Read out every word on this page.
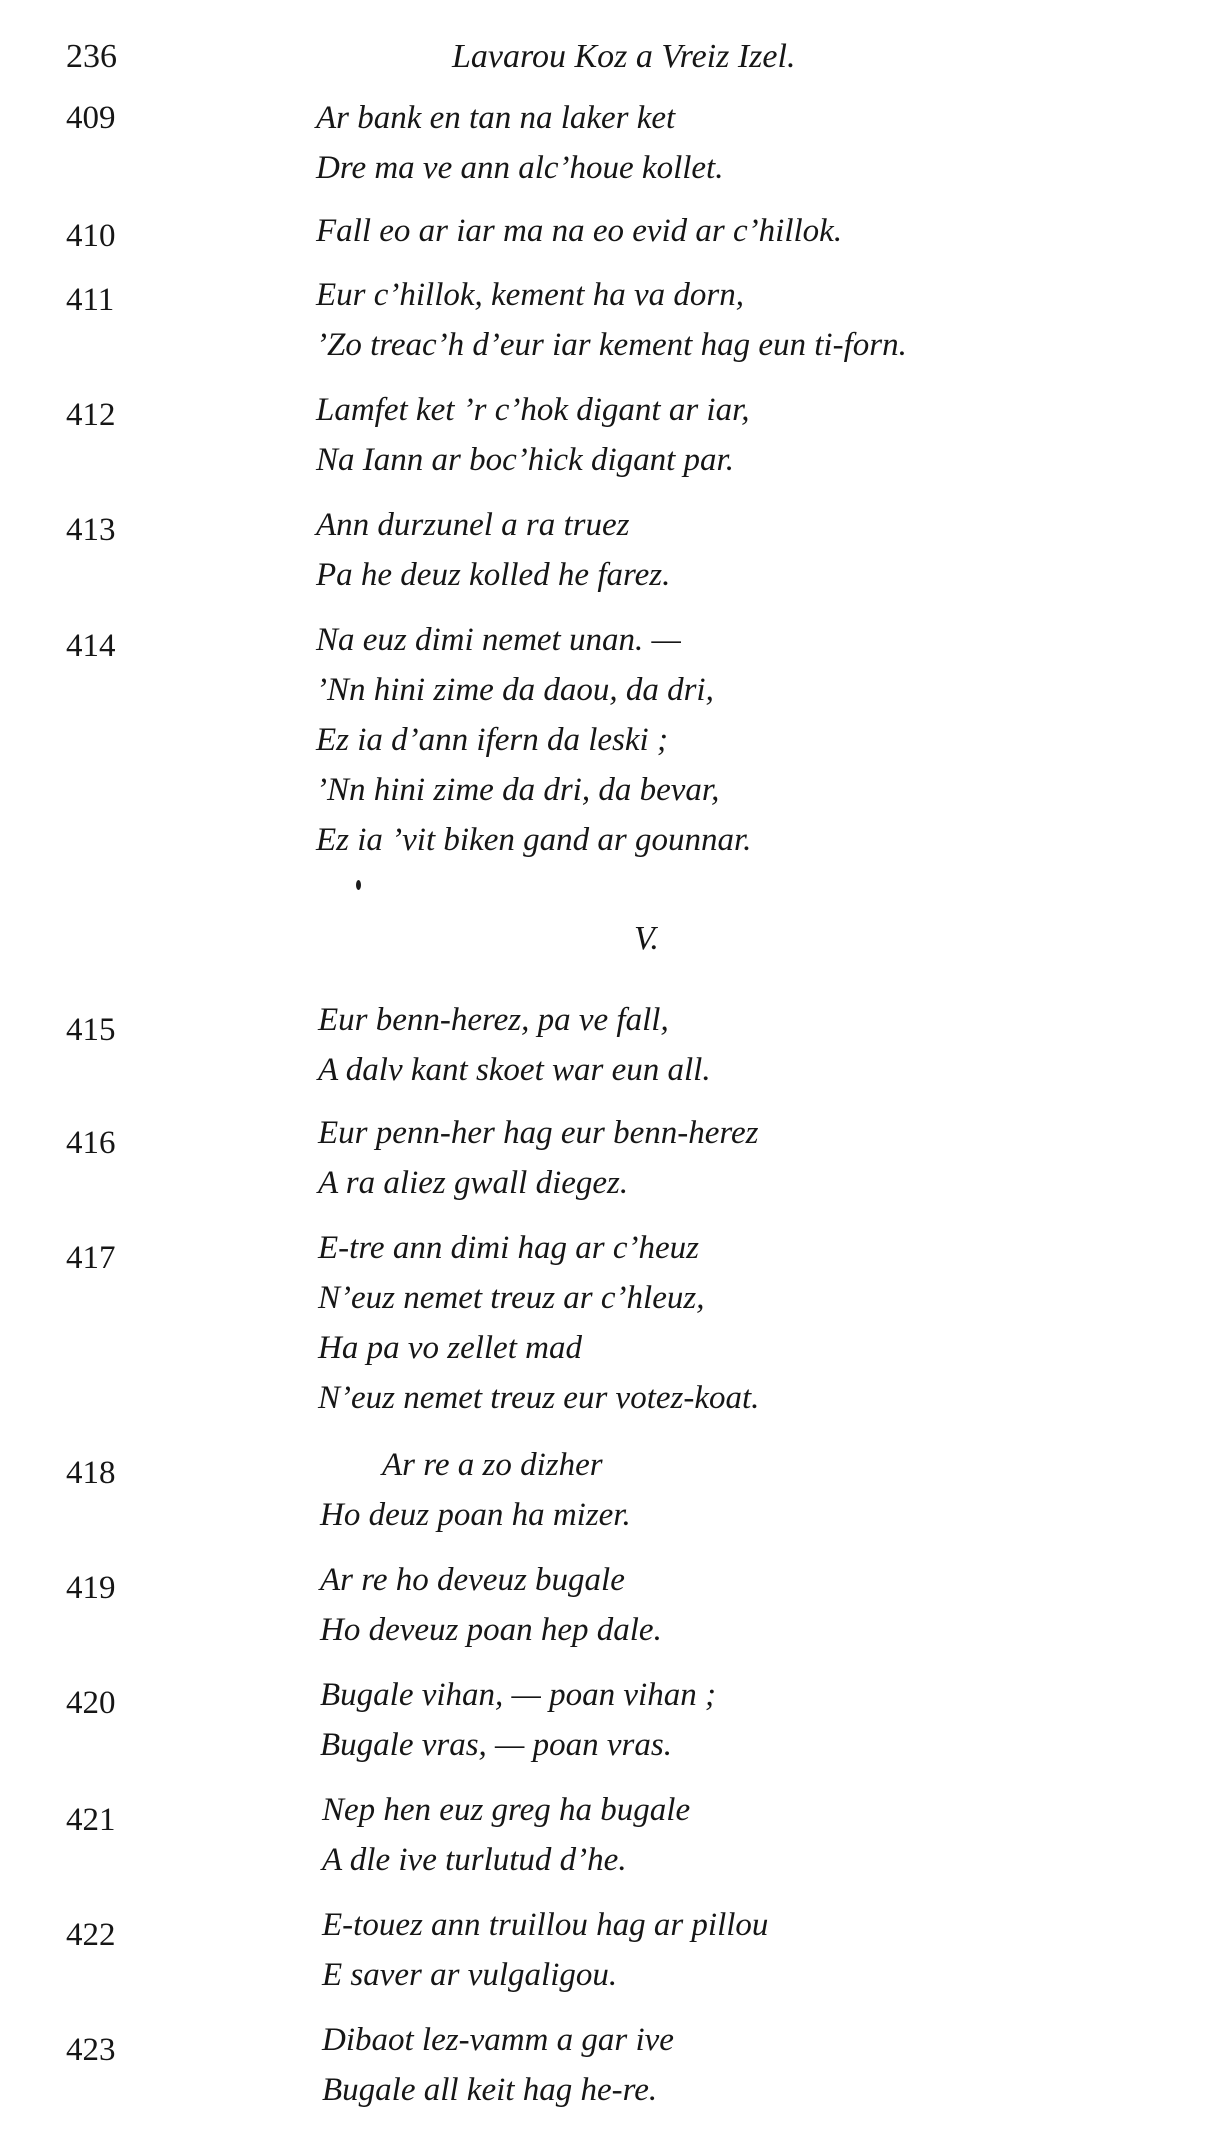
236	Lavarou Koz a Vreiz Izel.
409	Ar bank en tan na laker ket
Dre ma ve ann alc’houe kollet.
410	Fall eo ar iar ma na eo evid ar c’hillok.
411	Eur c’hillok, kement ha va dorn,
’Zo treac’h d’eur iar kement hag eun ti-forn.
412	Lamfet ket ’r c’hok digant ar iar,
Na Iann ar boc’hick digant par.
413	Ann durzunel a ra truez
Pa he deuz kolled he farez.
414	Na euz dimi nemet unan. —
’Nn hini zime da daou, da dri,
Ez ia d’ann ifern da leski ;
’Nn hini zime da dri, da bevar,
Ez ia ’vit biken gand ar gounnar.
V.
415	Eur benn-herez, pa ve fall,
A dalv kant skoet war eun all.
416	Eur penn-her hag eur benn-herez
A ra aliez gwall diegez.
417	E-tre ann dimi hag ar c’heuz
N’euz nemet treuz ar c’hleuz,
Ha pa vo zellet mad
N’euz nemet treuz eur votez-koat.
418	Ar re a zo dizher
Ho deuz poan ha mizer.
419	Ar re ho deveuz bugale
Ho deveuz poan hep dale.
420	Bugale vihan, — poan vihan ;
Bugale vras, — poan vras.
421	Nep hen euz greg ha bugale
A dle ive turlutud d’he.
422	E-touez ann truillou hag ar pillou
E saver ar vulgaligou.
423	Dibaot lez-vamm a gar ive
Bugale all keit hag he-re.
